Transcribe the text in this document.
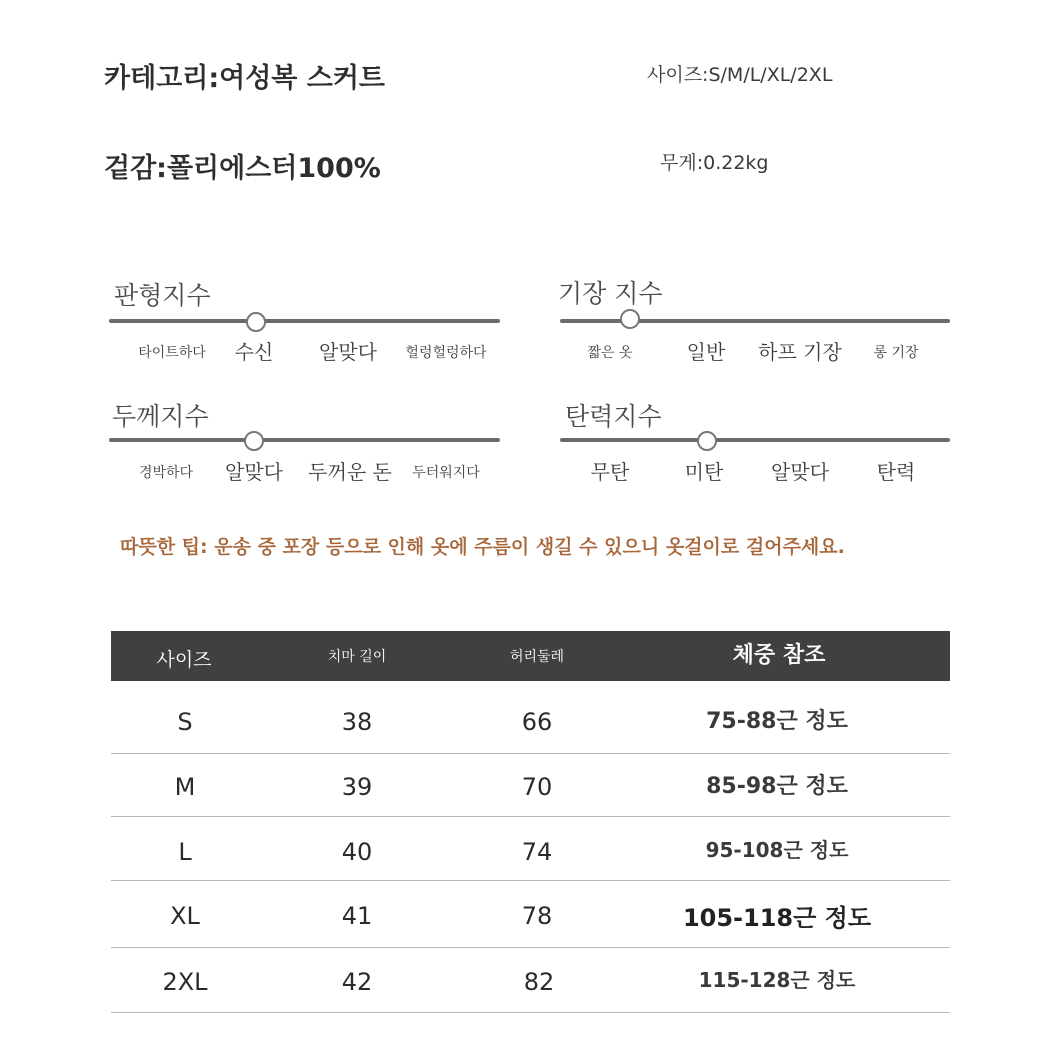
카테고리:여성복 스커트	사이즈:S/M/L/XL/2XL
겉감:폴리에스터100%	무게:0.22kg
판형지수
타이트하다 수신 알맞다 헐렁헐렁하다
기장 지수
짧은 옷	일반 하프 기장 롱 기장
두께지수
경박하다 알맞다 두꺼운 돈 두터워지다
탄력지수
무탄	미탄 알맞다 탄력
따뜻한 팁: 운송 중 포장 등으로 인해 옷에 주름이 생길 수 있으니 옷걸이로 걸어주세요.
사이즈	치마 길이	허리둘레	체중 참조
S	38	66	75-88근 정도
M	39	70	85-98근 정도
L	40	74	95-108근 정도
XL	41	78	105-118근 정도
2XL	42	82	115-128근 정도
